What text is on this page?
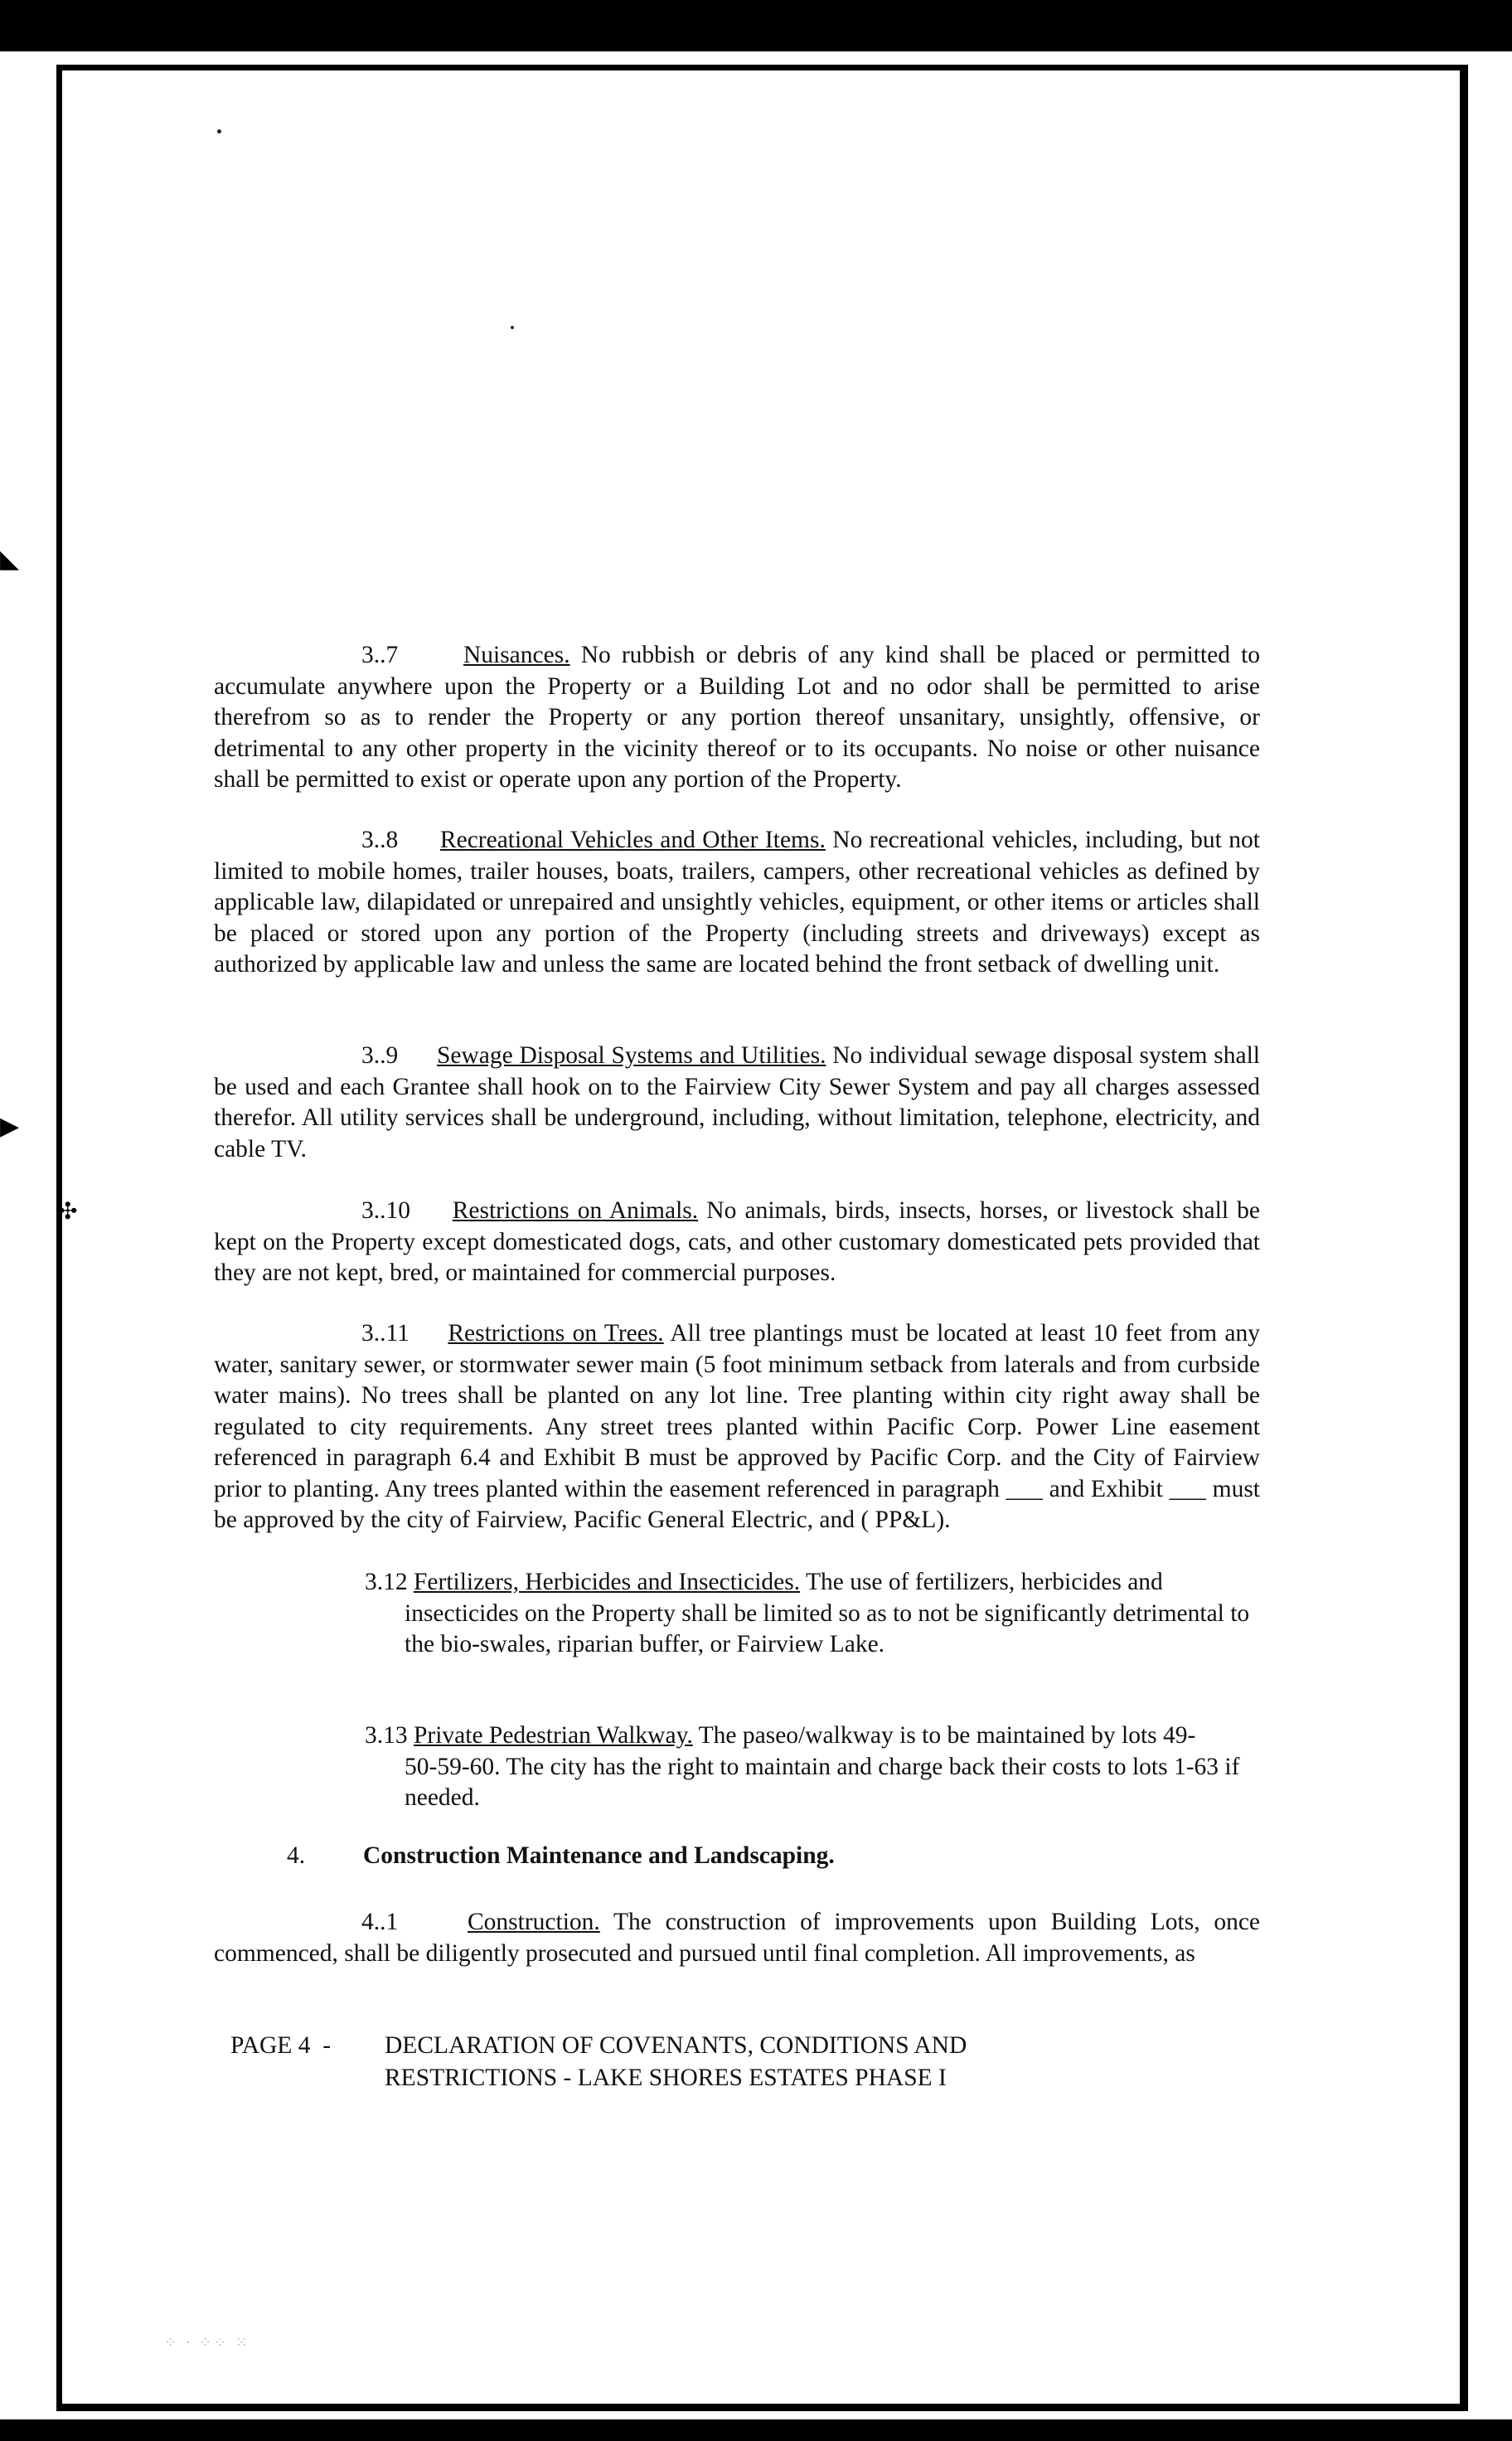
◣
▶
✣
3..7	Nuisances. No rubbish or debris of any kind shall be placed or permitted to accumulate anywhere upon the Property or a Building Lot and no odor shall be permitted to arise therefrom so as to render the Property or any portion thereof unsanitary, unsightly, offensive, or detrimental to any other property in the vicinity thereof or to its occupants. No noise or other nuisance shall be permitted to exist or operate upon any portion of the Property.
3..8 Recreational Vehicles and Other Items. No recreational vehicles, including, but not limited to mobile homes, trailer houses, boats, trailers, campers, other recreational vehicles as defined by applicable law, dilapidated or unrepaired and unsightly vehicles, equipment, or other items or articles shall be placed or stored upon any portion of the Property (including streets and driveways) except as authorized by applicable law and unless the same are located behind the front setback of dwelling unit.
3..9 Sewage Disposal Systems and Utilities. No individual sewage disposal system shall be used and each Grantee shall hook on to the Fairview City Sewer System and pay all charges assessed therefor. All utility services shall be underground, including, without limitation, telephone, electricity, and cable TV.
3..10 Restrictions on Animals. No animals, birds, insects, horses, or livestock shall be kept on the Property except domesticated dogs, cats, and other customary domesticated pets provided that they are not kept, bred, or maintained for commercial purposes.
3..11 Restrictions on Trees. All tree plantings must be located at least 10 feet from any water, sanitary sewer, or stormwater sewer main (5 foot minimum setback from laterals and from curbside water mains). No trees shall be planted on any lot line. Tree planting within city right away shall be regulated to city requirements. Any street trees planted within Pacific Corp. Power Line easement referenced in paragraph 6.4 and Exhibit B must be approved by Pacific Corp. and the City of Fairview prior to planting. Any trees planted within the easement referenced in paragraph ___ and Exhibit ___ must be approved by the city of Fairview, Pacific General Electric, and ( PP&L).
3.12 Fertilizers, Herbicides and Insecticides. The use of fertilizers, herbicides and
insecticides on the Property shall be limited so as to not be significantly detrimental to the bio-swales, riparian buffer, or Fairview Lake.
3.13 Private Pedestrian Walkway. The paseo/walkway is to be maintained by lots 49-
50-59-60. The city has the right to maintain and charge back their costs to lots 1-63 if needed.
4. Construction Maintenance and Landscaping.
4..1	Construction. The construction of improvements upon Building Lots, once commenced, shall be diligently prosecuted and pursued until final completion. All improvements, as
PAGE 4 - DECLARATION OF COVENANTS, CONDITIONS AND
RESTRICTIONS - LAKE SHORES ESTATES PHASE I
⁘ · ⁘⁘ ⁙
